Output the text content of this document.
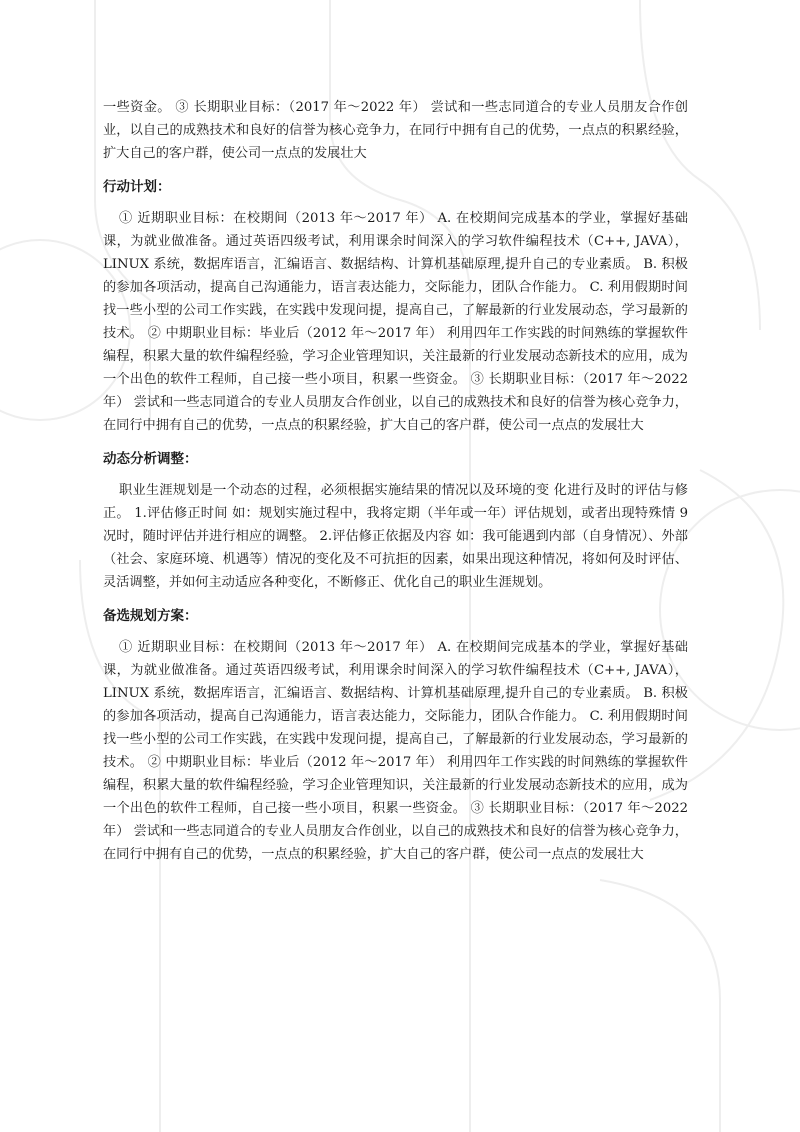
一些资金。 ③ 长期职业目标：（2017 年～2022 年） 尝试和一些志同道合的专业人员朋友合作创业，以自己的成熟技术和良好的信誉为核心竞争力，在同行中拥有自己的优势，一点点的积累经验，扩大自己的客户群，使公司一点点的发展壮大

行动计划：

① 近期职业目标：在校期间（2013 年～2017 年） A. 在校期间完成基本的学业，掌握好基础课，为就业做准备。通过英语四级考试，利用课余时间深入的学习软件编程技术（C++, JAVA），LINUX 系统，数据库语言，汇编语言、数据结构、计算机基础原理,提升自己的专业素质。 B. 积极的参加各项活动，提高自己沟通能力，语言表达能力，交际能力，团队合作能力。 C. 利用假期时间找一些小型的公司工作实践，在实践中发现问提，提高自己，了解最新的行业发展动态，学习最新的技术。 ② 中期职业目标：毕业后（2012 年～2017 年） 利用四年工作实践的时间熟练的掌握软件编程，积累大量的软件编程经验，学习企业管理知识，关注最新的行业发展动态新技术的应用，成为一个出色的软件工程师，自己接一些小项目，积累一些资金。 ③ 长期职业目标：（2017 年～2022 年） 尝试和一些志同道合的专业人员朋友合作创业，以自己的成熟技术和良好的信誉为核心竞争力，在同行中拥有自己的优势，一点点的积累经验，扩大自己的客户群，使公司一点点的发展壮大

动态分析调整：

职业生涯规划是一个动态的过程，必须根据实施结果的情况以及环境的变 化进行及时的评估与修正。 1.评估修正时间 如：规划实施过程中，我将定期（半年或一年）评估规划，或者出现特殊情 9 况时，随时评估并进行相应的调整。 2.评估修正依据及内容 如：我可能遇到内部（自身情况）、外部（社会、家庭环境、机遇等）情况的变化及不可抗拒的因素，如果出现这种情况，将如何及时评估、灵活调整，并如何主动适应各种变化，不断修正、优化自己的职业生涯规划。

备选规划方案：

① 近期职业目标：在校期间（2013 年～2017 年） A. 在校期间完成基本的学业，掌握好基础课，为就业做准备。通过英语四级考试，利用课余时间深入的学习软件编程技术（C++, JAVA），LINUX 系统，数据库语言，汇编语言、数据结构、计算机基础原理,提升自己的专业素质。 B. 积极的参加各项活动，提高自己沟通能力，语言表达能力，交际能力，团队合作能力。 C. 利用假期时间找一些小型的公司工作实践，在实践中发现问提，提高自己，了解最新的行业发展动态，学习最新的技术。 ② 中期职业目标：毕业后（2012 年～2017 年） 利用四年工作实践的时间熟练的掌握软件编程，积累大量的软件编程经验，学习企业管理知识，关注最新的行业发展动态新技术的应用，成为一个出色的软件工程师，自己接一些小项目，积累一些资金。 ③ 长期职业目标：（2017 年～2022 年） 尝试和一些志同道合的专业人员朋友合作创业，以自己的成熟技术和良好的信誉为核心竞争力，在同行中拥有自己的优势，一点点的积累经验，扩大自己的客户群，使公司一点点的发展壮大
